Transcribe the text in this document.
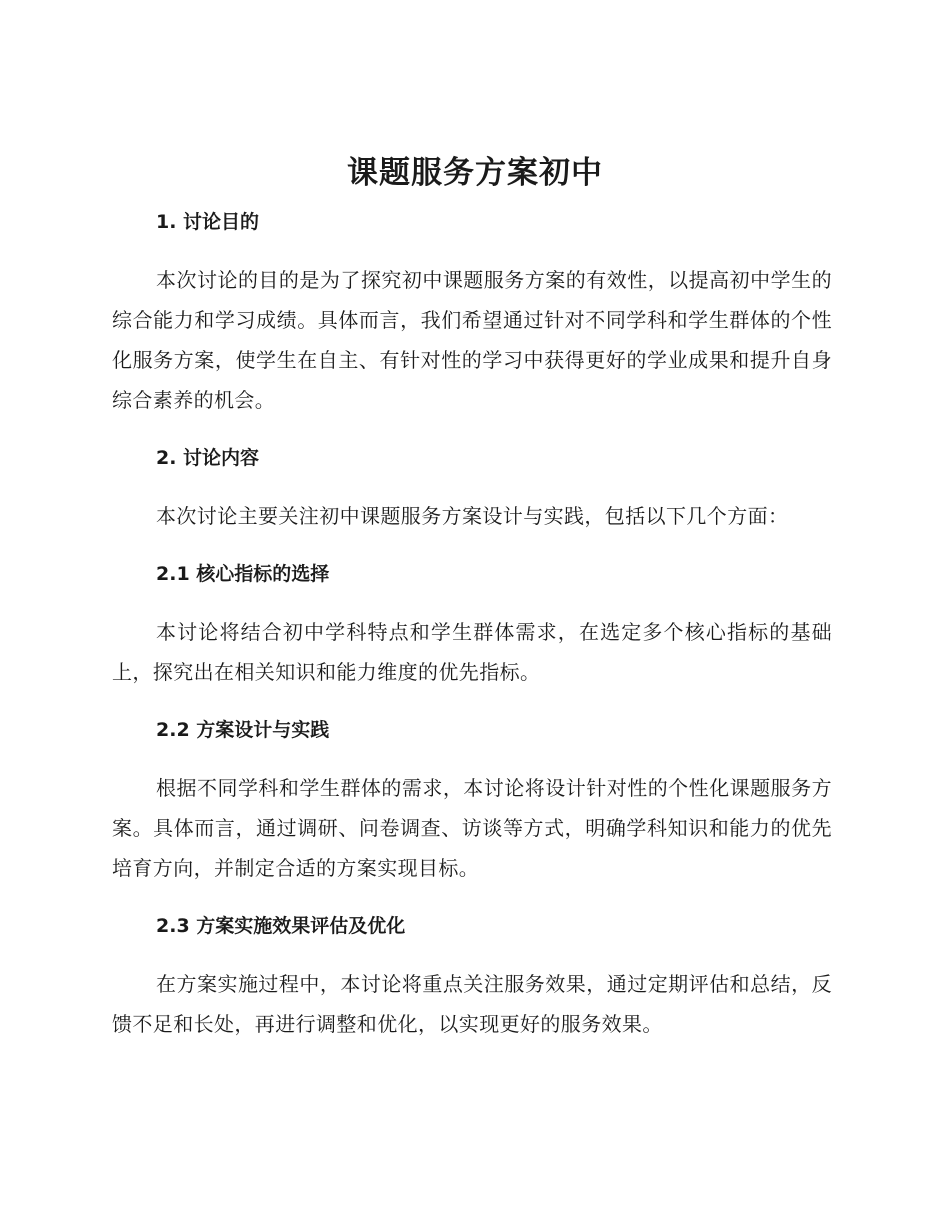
课题服务方案初中

1. 讨论目的

本次讨论的目的是为了探究初中课题服务方案的有效性，以提高初中学生的综合能力和学习成绩。具体而言，我们希望通过针对不同学科和学生群体的个性化服务方案，使学生在自主、有针对性的学习中获得更好的学业成果和提升自身综合素养的机会。

2. 讨论内容

本次讨论主要关注初中课题服务方案设计与实践，包括以下几个方面：

2.1 核心指标的选择

本讨论将结合初中学科特点和学生群体需求，在选定多个核心指标的基础上，探究出在相关知识和能力维度的优先指标。

2.2 方案设计与实践

根据不同学科和学生群体的需求，本讨论将设计针对性的个性化课题服务方案。具体而言，通过调研、问卷调查、访谈等方式，明确学科知识和能力的优先培育方向，并制定合适的方案实现目标。

2.3 方案实施效果评估及优化

在方案实施过程中，本讨论将重点关注服务效果，通过定期评估和总结，反馈不足和长处，再进行调整和优化，以实现更好的服务效果。
